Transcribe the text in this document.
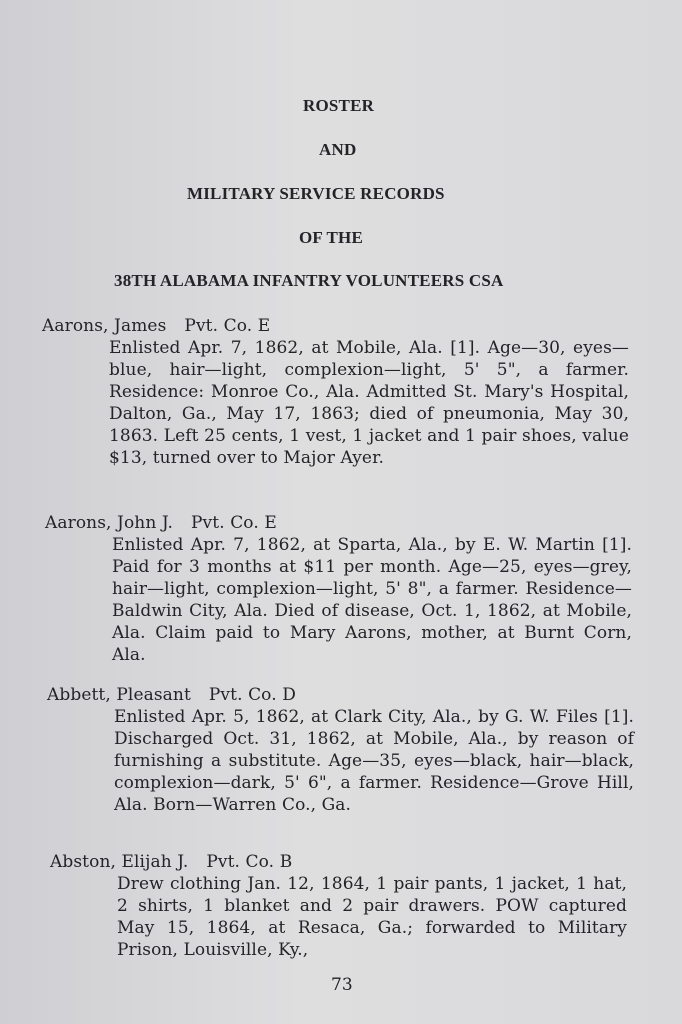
ROSTER
AND
MILITARY SERVICE RECORDS
OF THE
38TH ALABAMA INFANTRY VOLUNTEERS CSA
Aarons, James Pvt. Co. E
Enlisted Apr. 7, 1862, at Mobile, Ala. [1]. Age—30, eyes—blue, hair—light, complexion—light, 5' 5", a farmer. Residence: Monroe Co., Ala. Admitted St. Mary's Hospital, Dalton, Ga., May 17, 1863; died of pneumonia, May 30, 1863. Left 25 cents, 1 vest, 1 jacket and 1 pair shoes, value $13, turned over to Major Ayer.
Aarons, John J. Pvt. Co. E
Enlisted Apr. 7, 1862, at Sparta, Ala., by E. W. Martin [1]. Paid for 3 months at $11 per month. Age—25, eyes—grey, hair—light, complexion—light, 5' 8", a farmer. Residence—Baldwin City, Ala. Died of disease, Oct. 1, 1862, at Mobile, Ala. Claim paid to Mary Aarons, mother, at Burnt Corn, Ala.
Abbett, Pleasant Pvt. Co. D
Enlisted Apr. 5, 1862, at Clark City, Ala., by G. W. Files [1]. Discharged Oct. 31, 1862, at Mobile, Ala., by reason of furnishing a substitute. Age—35, eyes—black, hair—black, complexion—dark, 5' 6", a farmer. Residence—Grove Hill, Ala. Born—Warren Co., Ga.
Abston, Elijah J. Pvt. Co. B
Drew clothing Jan. 12, 1864, 1 pair pants, 1 jacket, 1 hat, 2 shirts, 1 blanket and 2 pair drawers. POW captured May 15, 1864, at Resaca, Ga.; forwarded to Military Prison, Louisville, Ky.,
73
